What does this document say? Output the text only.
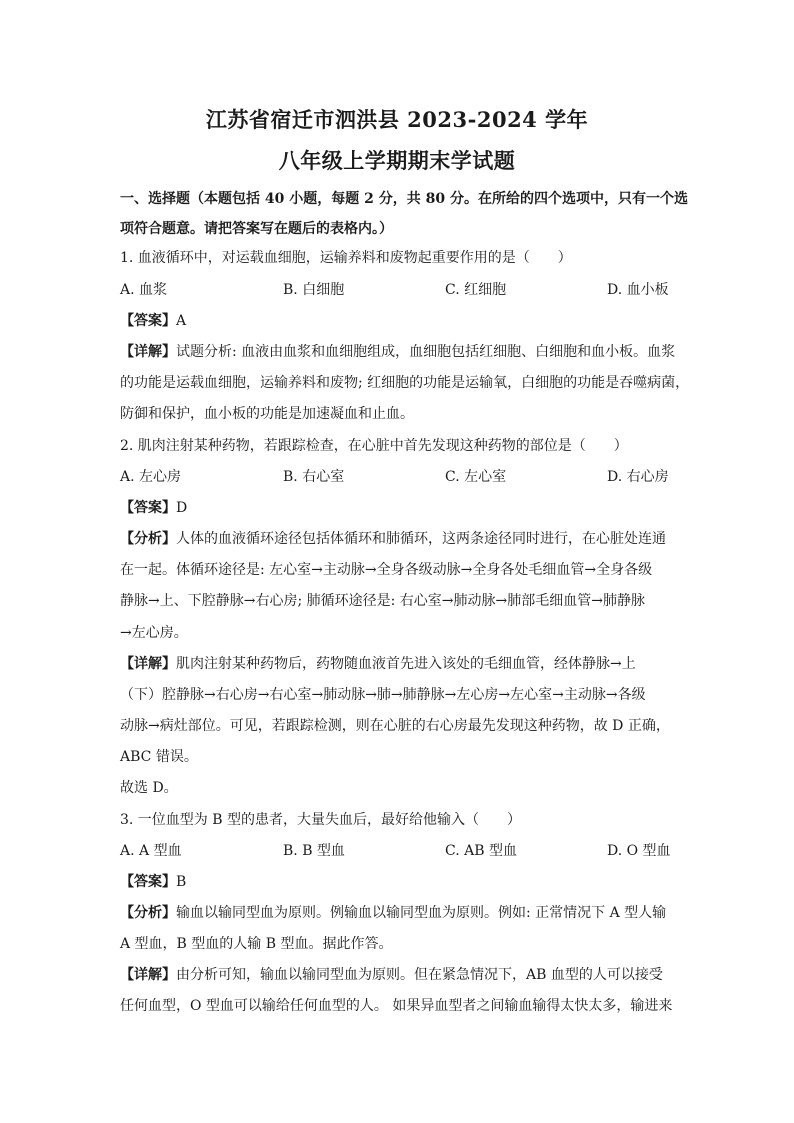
江苏省宿迁市泗洪县 2023-2024 学年
八年级上学期期末学试题
一、选择题（本题包括 40 小题，每题 2 分，共 80 分。在所给的四个选项中，只有一个选
项符合题意。请把答案写在题后的表格内。）
1. 血液循环中，对运载血细胞，运输养料和废物起重要作用的是（　　）
A. 血浆	B. 白细胞	C. 红细胞	D. 血小板
【答案】A
【详解】试题分析: 血液由血浆和血细胞组成，血细胞包括红细胞、白细胞和血小板。血浆
的功能是运载血细胞，运输养料和废物; 红细胞的功能是运输氧，白细胞的功能是吞噬病菌，
防御和保护，血小板的功能是加速凝血和止血。
2. 肌肉注射某种药物，若跟踪检查，在心脏中首先发现这种药物的部位是（　　）
A. 左心房	B. 右心室	C. 左心室	D. 右心房
【答案】D
【分析】人体的血液循环途径包括体循环和肺循环，这两条途径同时进行，在心脏处连通
在一起。体循环途径是: 左心室→主动脉→全身各级动脉→全身各处毛细血管→全身各级
静脉→上、下腔静脉→右心房; 肺循环途径是: 右心室→肺动脉→肺部毛细血管→肺静脉
→左心房。
【详解】肌肉注射某种药物后，药物随血液首先进入该处的毛细血管，经体静脉→上
（下）腔静脉→右心房→右心室→肺动脉→肺→肺静脉→左心房→左心室→主动脉→各级
动脉→病灶部位。可见，若跟踪检测，则在心脏的右心房最先发现这种药物，故 D 正确，
ABC 错误。
故选 D。
3. 一位血型为 B 型的患者，大量失血后，最好给他输入（　　）
A. A 型血	B. B 型血	C. AB 型血	D. O 型血
【答案】B
【分析】输血以输同型血为原则。例输血以输同型血为原则。例如: 正常情况下 A 型人输
A 型血，B 型血的人输 B 型血。据此作答。
【详解】由分析可知，输血以输同型血为原则。但在紧急情况下，AB 血型的人可以接受
任何血型，O 型血可以输给任何血型的人。 如果异血型者之间输血输得太快太多，输进来
